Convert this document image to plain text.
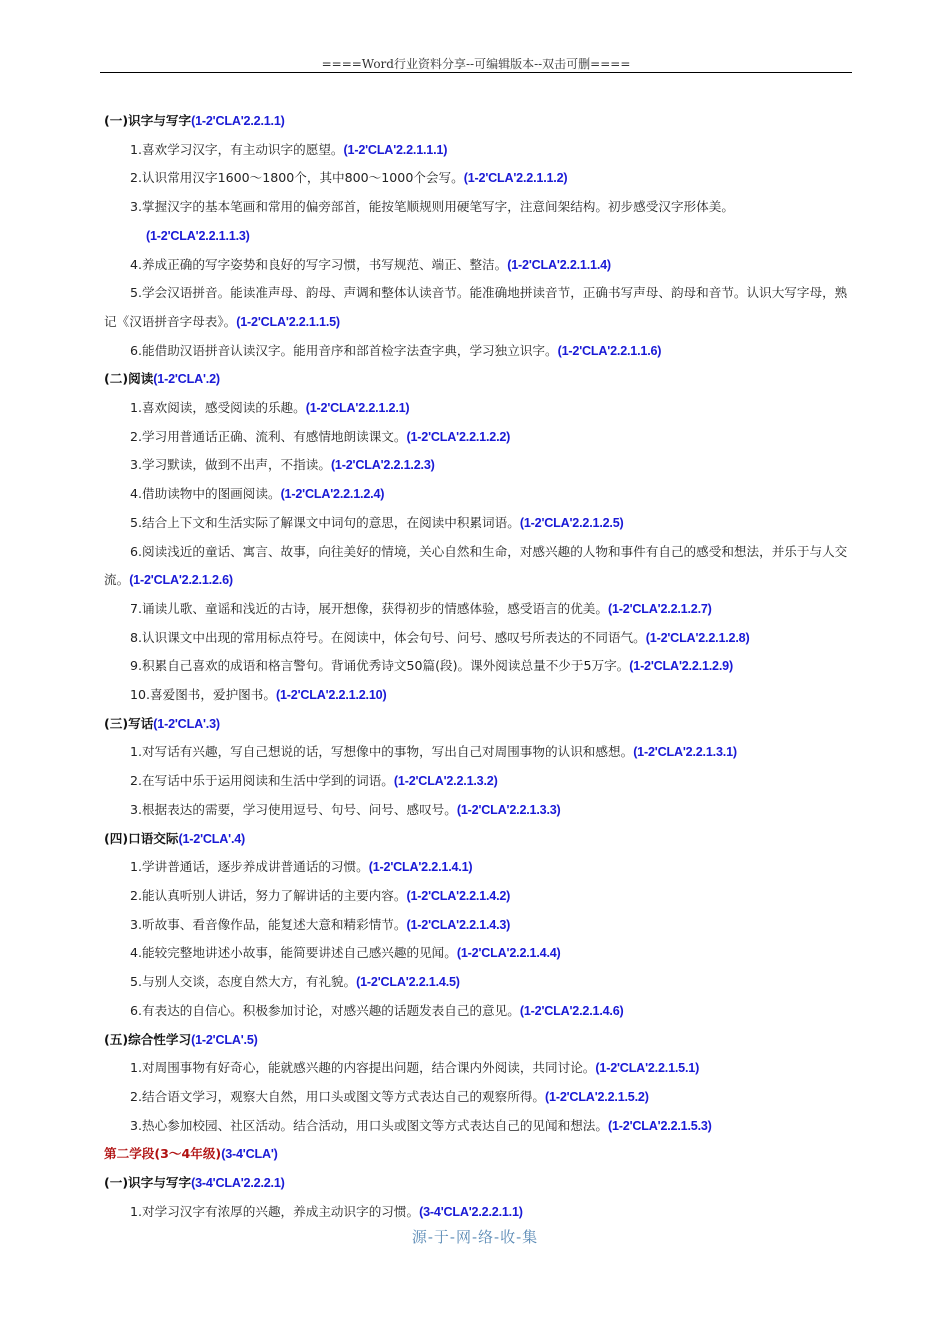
====Word行业资料分享--可编辑版本--双击可删====
(一)识字与写字(1-2'CLA'2.2.1.1)
1.喜欢学习汉字，有主动识字的愿望。(1-2'CLA'2.2.1.1.1)
2.认识常用汉字1600～1800个，其中800～1000个会写。(1-2'CLA'2.2.1.1.2)
3.掌握汉字的基本笔画和常用的偏旁部首，能按笔顺规则用硬笔写字，注意间架结构。初步感受汉字形体美。
(1-2'CLA'2.2.1.1.3)
4.养成正确的写字姿势和良好的写字习惯，书写规范、端正、整洁。(1-2'CLA'2.2.1.1.4)
5.学会汉语拼音。能读准声母、韵母、声调和整体认读音节。能准确地拼读音节，正确书写声母、韵母和音节。认识大写字母，熟记《汉语拼音字母表》。(1-2'CLA'2.2.1.1.5)
6.能借助汉语拼音认读汉字。能用音序和部首检字法查字典，学习独立识字。(1-2'CLA'2.2.1.1.6)
(二)阅读(1-2'CLA'.2)
1.喜欢阅读，感受阅读的乐趣。(1-2'CLA'2.2.1.2.1)
2.学习用普通话正确、流利、有感情地朗读课文。(1-2'CLA'2.2.1.2.2)
3.学习默读，做到不出声，不指读。(1-2'CLA'2.2.1.2.3)
4.借助读物中的图画阅读。(1-2'CLA'2.2.1.2.4)
5.结合上下文和生活实际了解课文中词句的意思，在阅读中积累词语。(1-2'CLA'2.2.1.2.5)
6.阅读浅近的童话、寓言、故事，向往美好的情境，关心自然和生命，对感兴趣的人物和事件有自己的感受和想法，并乐于与人交流。(1-2'CLA'2.2.1.2.6)
7.诵读儿歌、童谣和浅近的古诗，展开想像，获得初步的情感体验，感受语言的优美。(1-2'CLA'2.2.1.2.7)
8.认识课文中出现的常用标点符号。在阅读中，体会句号、问号、感叹号所表达的不同语气。(1-2'CLA'2.2.1.2.8)
9.积累自己喜欢的成语和格言警句。背诵优秀诗文50篇(段)。课外阅读总量不少于5万字。(1-2'CLA'2.2.1.2.9)
10.喜爱图书，爱护图书。(1-2'CLA'2.2.1.2.10)
(三)写话(1-2'CLA'.3)
1.对写话有兴趣，写自己想说的话，写想像中的事物，写出自己对周围事物的认识和感想。(1-2'CLA'2.2.1.3.1)
2.在写话中乐于运用阅读和生活中学到的词语。(1-2'CLA'2.2.1.3.2)
3.根据表达的需要，学习使用逗号、句号、问号、感叹号。(1-2'CLA'2.2.1.3.3)
(四)口语交际(1-2'CLA'.4)
1.学讲普通话，逐步养成讲普通话的习惯。(1-2'CLA'2.2.1.4.1)
2.能认真听别人讲话，努力了解讲话的主要内容。(1-2'CLA'2.2.1.4.2)
3.听故事、看音像作品，能复述大意和精彩情节。(1-2'CLA'2.2.1.4.3)
4.能较完整地讲述小故事，能简要讲述自己感兴趣的见闻。(1-2'CLA'2.2.1.4.4)
5.与别人交谈，态度自然大方，有礼貌。(1-2'CLA'2.2.1.4.5)
6.有表达的自信心。积极参加讨论，对感兴趣的话题发表自己的意见。(1-2'CLA'2.2.1.4.6)
(五)综合性学习(1-2'CLA'.5)
1.对周围事物有好奇心，能就感兴趣的内容提出问题，结合课内外阅读，共同讨论。(1-2'CLA'2.2.1.5.1)
2.结合语文学习，观察大自然，用口头或图文等方式表达自己的观察所得。(1-2'CLA'2.2.1.5.2)
3.热心参加校园、社区活动。结合活动，用口头或图文等方式表达自己的见闻和想法。(1-2'CLA'2.2.1.5.3)
第二学段(3～4年级)(3-4'CLA')
(一)识字与写字(3-4'CLA'2.2.2.1)
1.对学习汉字有浓厚的兴趣，养成主动识字的习惯。(3-4'CLA'2.2.2.1.1)
源-于-网-络-收-集
